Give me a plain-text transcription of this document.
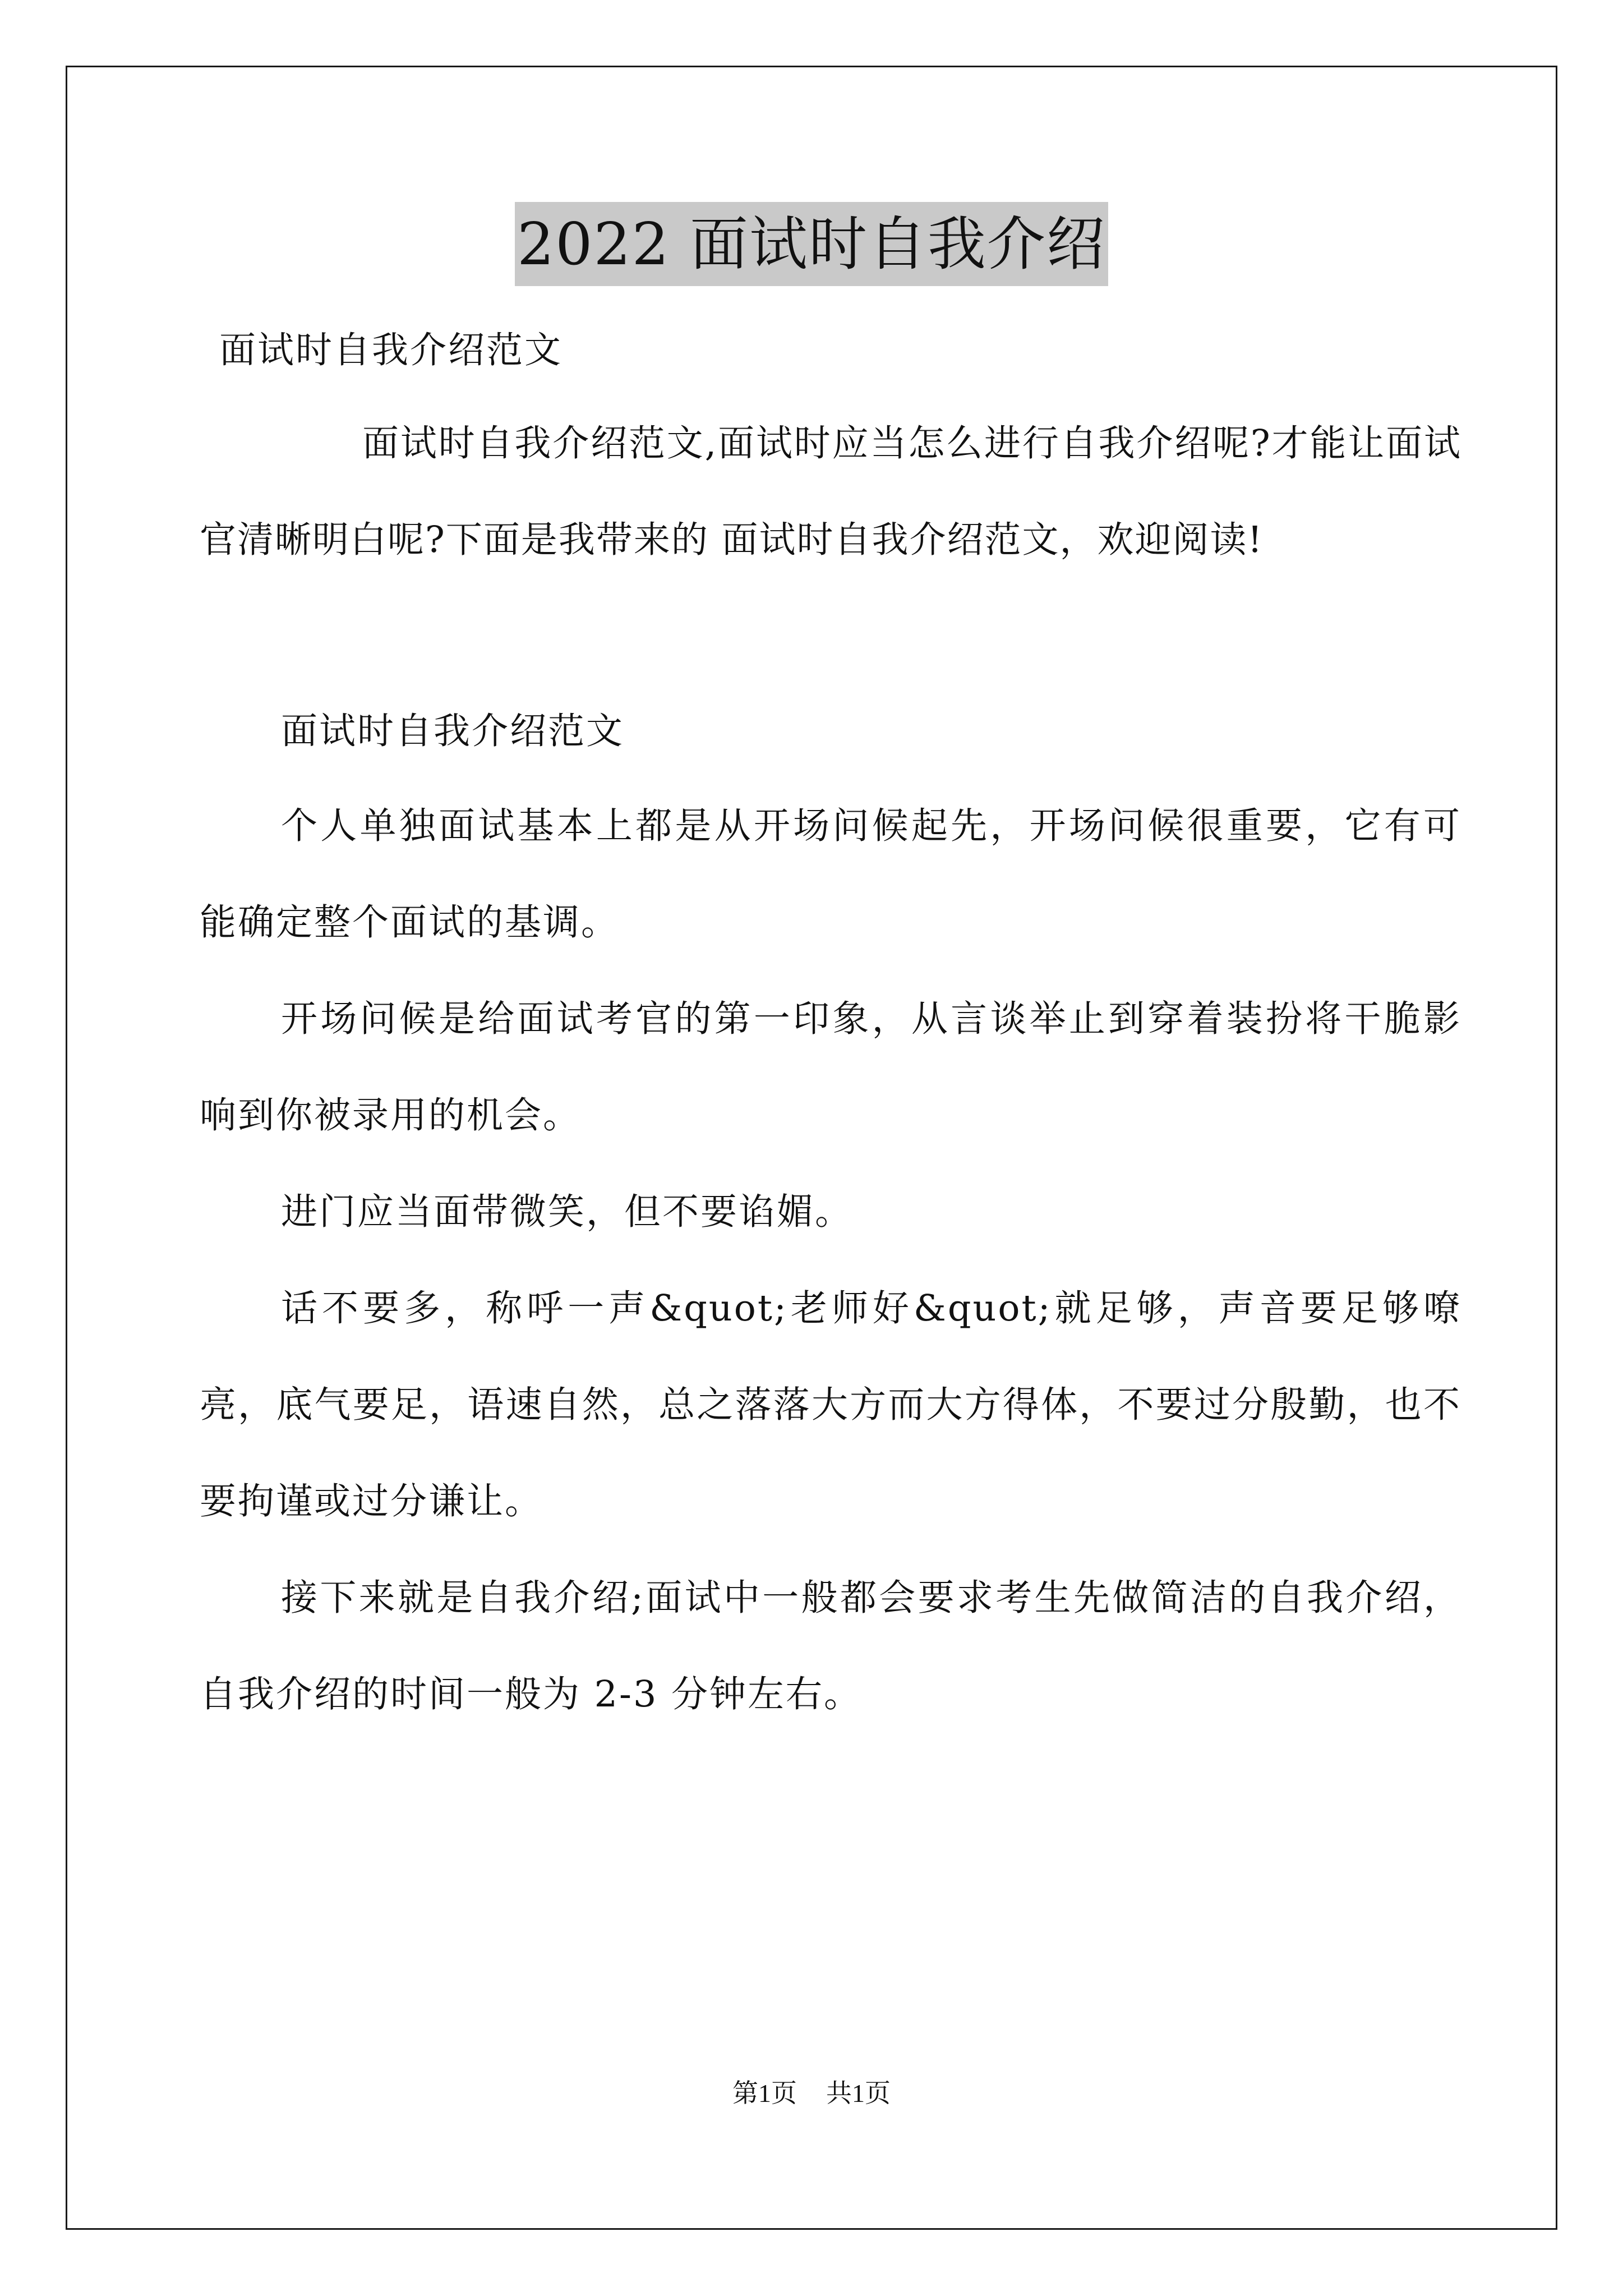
2022 面试时自我介绍

面试时自我介绍范文

面试时自我介绍范文,面试时应当怎么进行自我介绍呢?才能让面试官清晰明白呢?下面是我带来的 面试时自我介绍范文，欢迎阅读!

面试时自我介绍范文

个人单独面试基本上都是从开场问候起先，开场问候很重要，它有可能确定整个面试的基调。

开场问候是给面试考官的第一印象，从言谈举止到穿着装扮将干脆影响到你被录用的机会。

进门应当面带微笑，但不要谄媚。

话不要多，称呼一声&quot;老师好&quot;就足够，声音要足够嘹亮，底气要足，语速自然，总之落落大方而大方得体，不要过分殷勤，也不要拘谨或过分谦让。

接下来就是自我介绍;面试中一般都会要求考生先做简洁的自我介绍，自我介绍的时间一般为 2-3 分钟左右。

第1页 共1页
